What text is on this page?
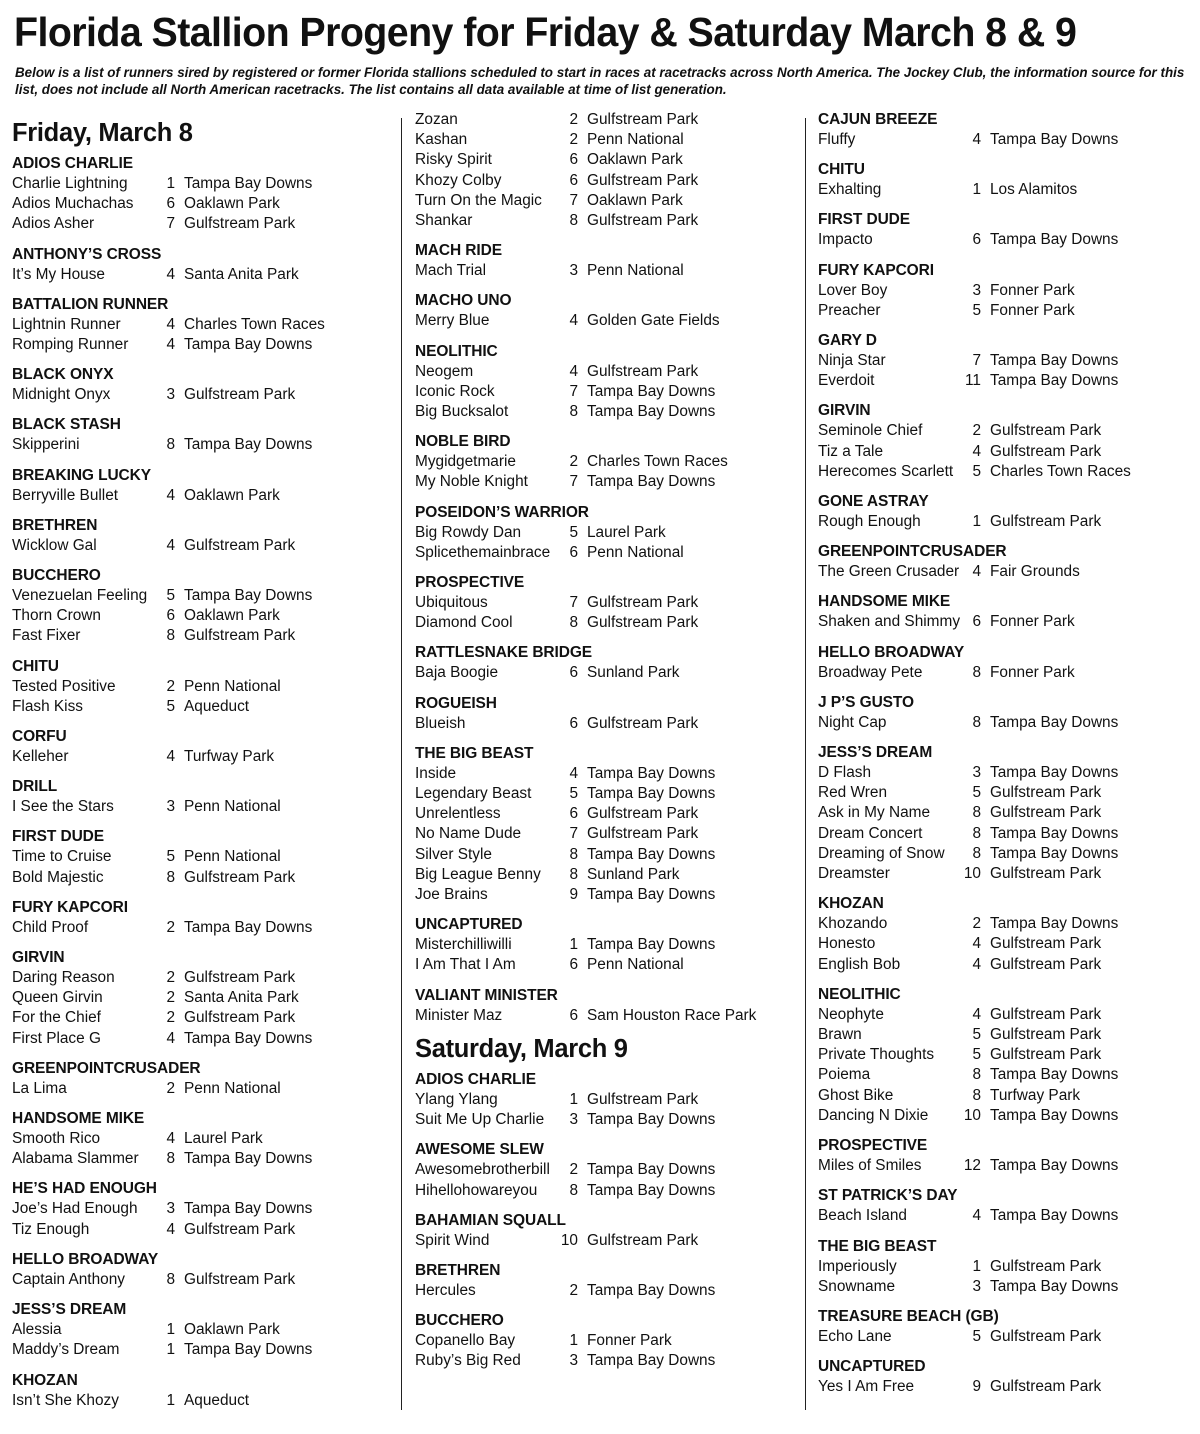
Florida Stallion Progeny for Friday & Saturday March 8 & 9
Below is a list of runners sired by registered or former Florida stallions scheduled to start in races at racetracks across North America. The Jockey Club, the information source for this list, does not include all North American racetracks. The list contains all data available at time of list generation.
Friday, March 8
ADIOS CHARLIE
Charlie Lightning	1 Tampa Bay Downs
Adios Muchachas	6 Oaklawn Park
Adios Asher	7 Gulfstream Park
ANTHONY’S CROSS
It’s My House	4 Santa Anita Park
BATTALION RUNNER
Lightnin Runner	4 Charles Town Races
Romping Runner	4 Tampa Bay Downs
BLACK ONYX
Midnight Onyx	3 Gulfstream Park
BLACK STASH
Skipperini	8 Tampa Bay Downs
BREAKING LUCKY
Berryville Bullet	4 Oaklawn Park
BRETHREN
Wicklow Gal	4 Gulfstream Park
BUCCHERO
Venezuelan Feeling	5 Tampa Bay Downs
Thorn Crown	6 Oaklawn Park
Fast Fixer	8 Gulfstream Park
CHITU
Tested Positive	2 Penn National
Flash Kiss	5 Aqueduct
CORFU
Kelleher	4 Turfway Park
DRILL
I See the Stars	3 Penn National
FIRST DUDE
Time to Cruise	5 Penn National
Bold Majestic	8 Gulfstream Park
FURY KAPCORI
Child Proof	2 Tampa Bay Downs
GIRVIN
Daring Reason	2 Gulfstream Park
Queen Girvin	2 Santa Anita Park
For the Chief	2 Gulfstream Park
First Place G	4 Tampa Bay Downs
GREENPOINTCRUSADER
La Lima	2 Penn National
HANDSOME MIKE
Smooth Rico	4 Laurel Park
Alabama Slammer	8 Tampa Bay Downs
HE’S HAD ENOUGH
Joe’s Had Enough	3 Tampa Bay Downs
Tiz Enough	4 Gulfstream Park
HELLO BROADWAY
Captain Anthony	8 Gulfstream Park
JESS’S DREAM
Alessia	1 Oaklawn Park
Maddy’s Dream	1 Tampa Bay Downs
KHOZAN
Isn’t She Khozy	1 Aqueduct
Zozan	2 Gulfstream Park
Kashan	2 Penn National
Risky Spirit	6 Oaklawn Park
Khozy Colby	6 Gulfstream Park
Turn On the Magic	7 Oaklawn Park
Shankar	8 Gulfstream Park
MACH RIDE
Mach Trial	3 Penn National
MACHO UNO
Merry Blue	4 Golden Gate Fields
NEOLITHIC
Neogem	4 Gulfstream Park
Iconic Rock	7 Tampa Bay Downs
Big Bucksalot	8 Tampa Bay Downs
NOBLE BIRD
Mygidgetmarie	2 Charles Town Races
My Noble Knight	7 Tampa Bay Downs
POSEIDON’S WARRIOR
Big Rowdy Dan	5 Laurel Park
Splicethemainbrace	6 Penn National
PROSPECTIVE
Ubiquitous	7 Gulfstream Park
Diamond Cool	8 Gulfstream Park
RATTLESNAKE BRIDGE
Baja Boogie	6 Sunland Park
ROGUEISH
Blueish	6 Gulfstream Park
THE BIG BEAST
Inside	4 Tampa Bay Downs
Legendary Beast	5 Tampa Bay Downs
Unrelentless	6 Gulfstream Park
No Name Dude	7 Gulfstream Park
Silver Style	8 Tampa Bay Downs
Big League Benny	8 Sunland Park
Joe Brains	9 Tampa Bay Downs
UNCAPTURED
Misterchilliwilli	1 Tampa Bay Downs
I Am That I Am	6 Penn National
VALIANT MINISTER
Minister Maz	6 Sam Houston Race Park
Saturday, March 9
ADIOS CHARLIE
Ylang Ylang	1 Gulfstream Park
Suit Me Up Charlie	3 Tampa Bay Downs
AWESOME SLEW
Awesomebrotherbill	2 Tampa Bay Downs
Hihellohowareyou	8 Tampa Bay Downs
BAHAMIAN SQUALL
Spirit Wind	10 Gulfstream Park
BRETHREN
Hercules	2 Tampa Bay Downs
BUCCHERO
Copanello Bay	1 Fonner Park
Ruby’s Big Red	3 Tampa Bay Downs
CAJUN BREEZE
Fluffy	4 Tampa Bay Downs
CHITU
Exhalting	1 Los Alamitos
FIRST DUDE
Impacto	6 Tampa Bay Downs
FURY KAPCORI
Lover Boy	3 Fonner Park
Preacher	5 Fonner Park
GARY D
Ninja Star	7 Tampa Bay Downs
Everdoit	11 Tampa Bay Downs
GIRVIN
Seminole Chief	2 Gulfstream Park
Tiz a Tale	4 Gulfstream Park
Herecomes Scarlett	5 Charles Town Races
GONE ASTRAY
Rough Enough	1 Gulfstream Park
GREENPOINTCRUSADER
The Green Crusader 4 Fair Grounds
HANDSOME MIKE
Shaken and Shimmy 6 Fonner Park
HELLO BROADWAY
Broadway Pete	8 Fonner Park
J P’S GUSTO
Night Cap	8 Tampa Bay Downs
JESS’S DREAM
D Flash	3 Tampa Bay Downs
Red Wren	5 Gulfstream Park
Ask in My Name	8 Gulfstream Park
Dream Concert	8 Tampa Bay Downs
Dreaming of Snow	8 Tampa Bay Downs
Dreamster	10 Gulfstream Park
KHOZAN
Khozando	2 Tampa Bay Downs
Honesto	4 Gulfstream Park
English Bob	4 Gulfstream Park
NEOLITHIC
Neophyte	4 Gulfstream Park
Brawn	5 Gulfstream Park
Private Thoughts	5 Gulfstream Park
Poiema	8 Tampa Bay Downs
Ghost Bike	8 Turfway Park
Dancing N Dixie	10 Tampa Bay Downs
PROSPECTIVE
Miles of Smiles	12 Tampa Bay Downs
ST PATRICK’S DAY
Beach Island	4 Tampa Bay Downs
THE BIG BEAST
Imperiously	1 Gulfstream Park
Snowname	3 Tampa Bay Downs
TREASURE BEACH (GB)
Echo Lane	5 Gulfstream Park
UNCAPTURED
Yes I Am Free	9 Gulfstream Park
